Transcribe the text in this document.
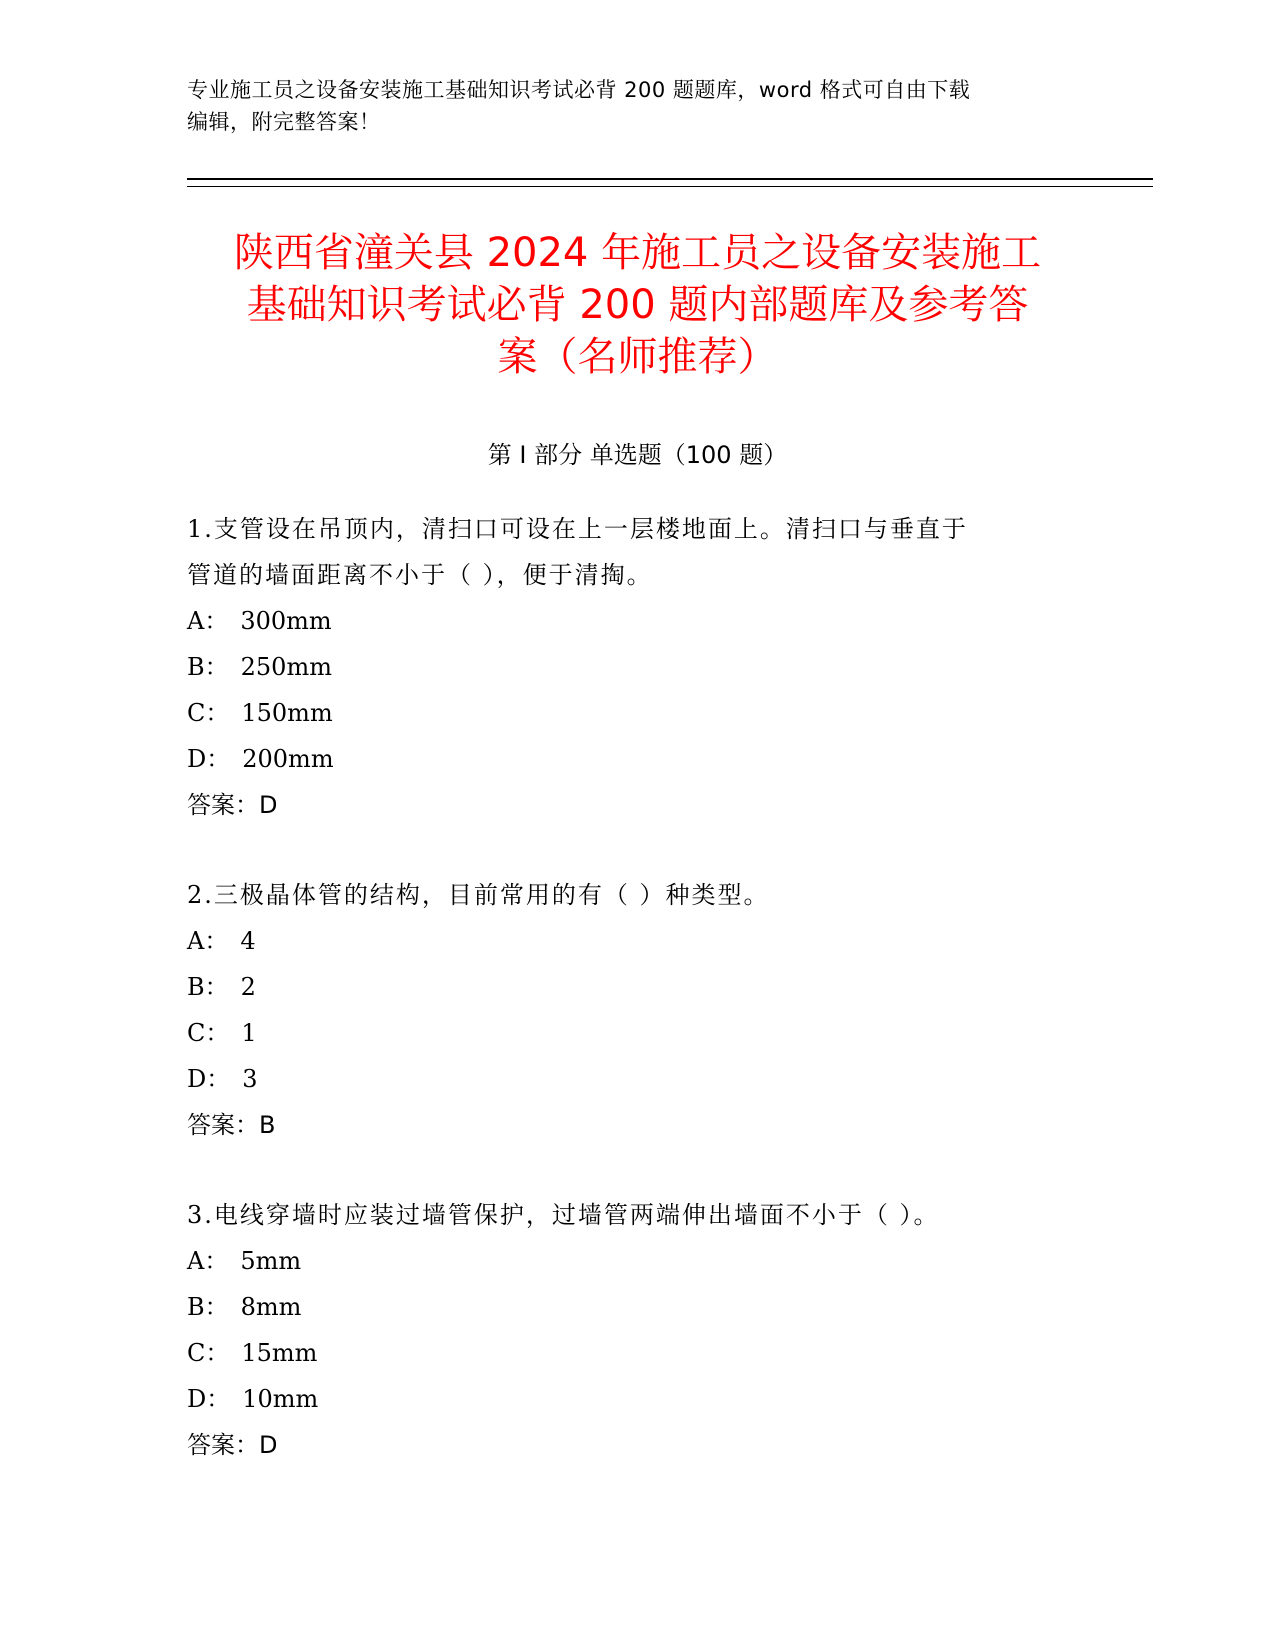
专业施工员之设备安装施工基础知识考试必背 200 题题库，word 格式可自由下载
编辑，附完整答案！
陕西省潼关县 2024 年施工员之设备安装施工
基础知识考试必背 200 题内部题库及参考答
案（名师推荐）
第 I 部分 单选题（100 题）
1.支管设在吊顶内，清扫口可设在上一层楼地面上。清扫口与垂直于
管道的墙面距离不小于（ ），便于清掏。
A： 300mm
B： 250mm
C： 150mm
D： 200mm
答案：D
2.三极晶体管的结构，目前常用的有（ ）种类型。
A： 4
B： 2
C： 1
D： 3
答案：B
3.电线穿墙时应装过墙管保护，过墙管两端伸出墙面不小于（ ）。
A： 5mm
B： 8mm
C： 15mm
D： 10mm
答案：D
